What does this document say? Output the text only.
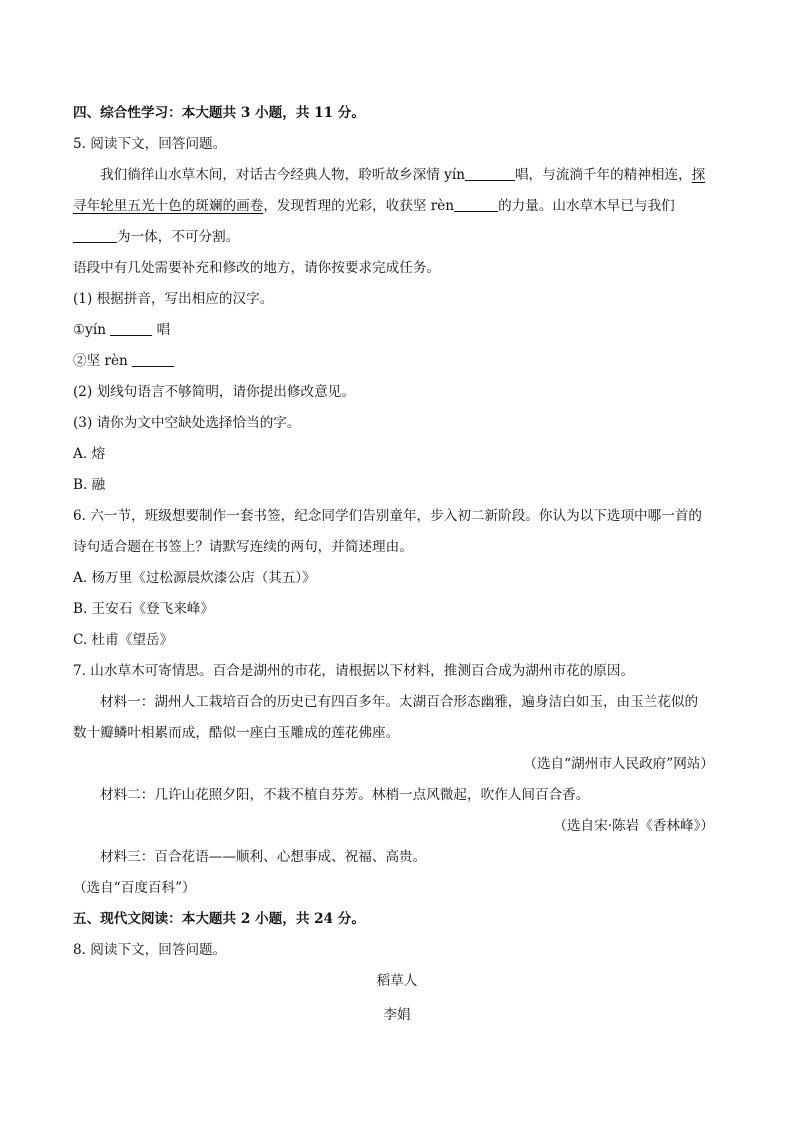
四、综合性学习：本大题共 3 小题，共 11 分。
5. 阅读下文，回答问题。
我们徜徉山水草木间，对话古今经典人物，聆听故乡深情 yín	唱，与流淌千年的精神相连，探
寻年轮里五光十色的斑斓的画卷，发现哲理的光彩，收获坚 rèn	的力量。山水草木早已与我们
为一体，不可分割。
语段中有几处需要补充和修改的地方，请你按要求完成任务。
(1) 根据拼音，写出相应的汉字。
①yín	唱
②坚 rèn
(2) 划线句语言不够简明，请你提出修改意见。
(3) 请你为文中空缺处选择恰当的字。
A. 熔
B. 融
6. 六一节，班级想要制作一套书签，纪念同学们告别童年，步入初二新阶段。你认为以下选项中哪一首的
诗句适合题在书签上？请默写连续的两句，并简述理由。
A. 杨万里《过松源晨炊漆公店（其五）》
B. 王安石《登飞来峰》
C. 杜甫《望岳》
7. 山水草木可寄情思。百合是湖州的市花，请根据以下材料，推测百合成为湖州市花的原因。
材料一：湖州人工栽培百合的历史已有四百多年。太湖百合形态幽雅，遍身洁白如玉，由玉兰花似的
数十瓣鳞叶相累而成，酷似一座白玉雕成的莲花佛座。
（选自“湖州市人民政府”网站）
材料二：几许山花照夕阳，不栽不植自芬芳。林梢一点风微起，吹作人间百合香。
（选自宋·陈岩《香林峰》）
材料三：百合花语——顺利、心想事成、祝福、高贵。
（选自“百度百科”）
五、现代文阅读：本大题共 2 小题，共 24 分。
8. 阅读下文，回答问题。
稻草人
李娟
